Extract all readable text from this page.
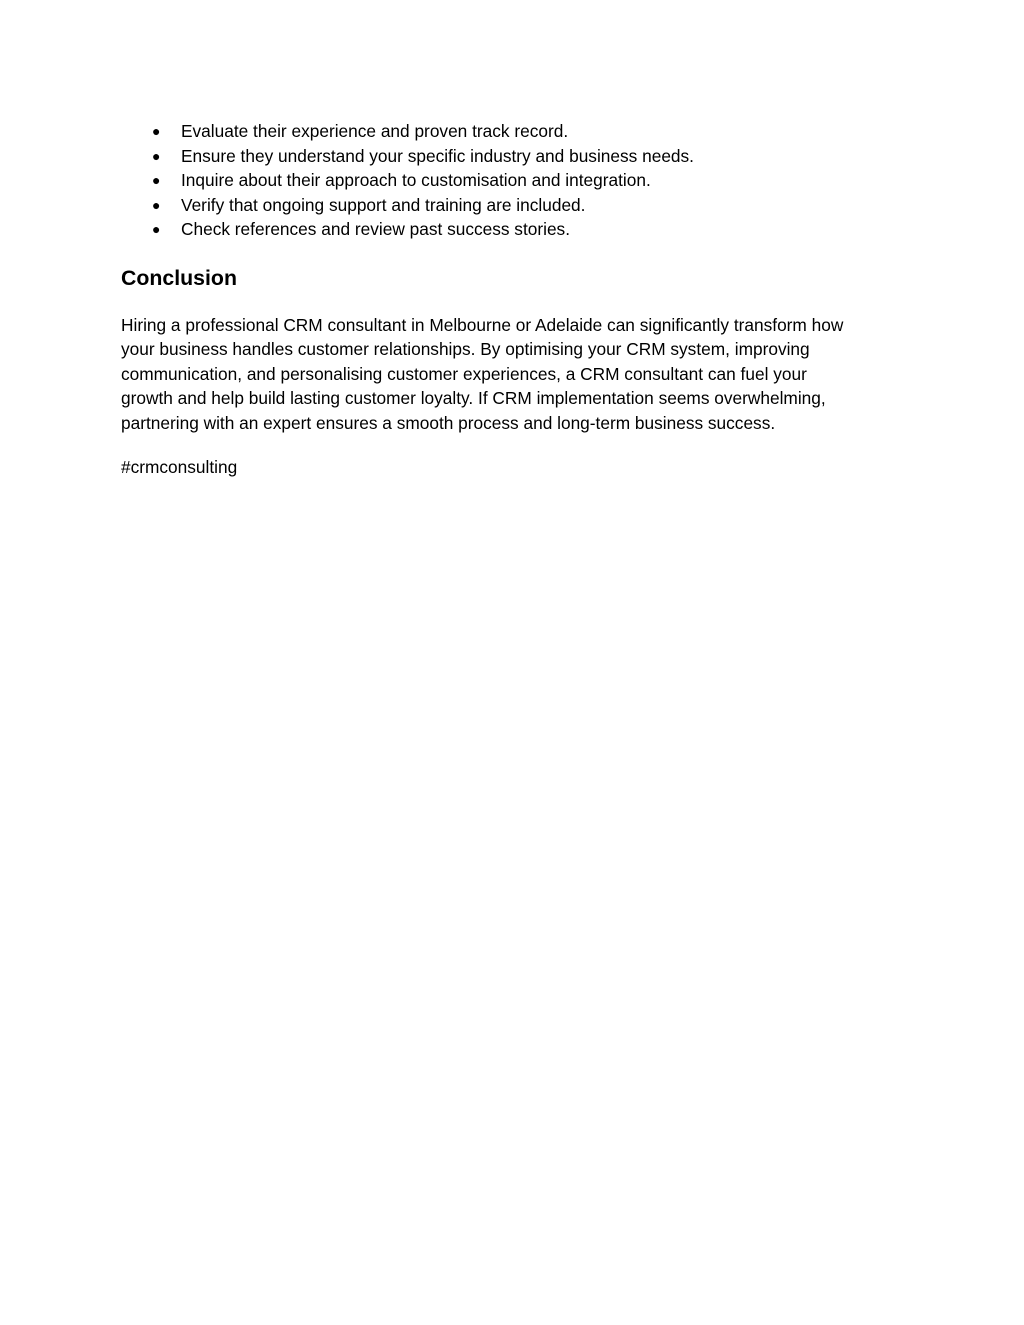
● Evaluate their experience and proven track record.
● Ensure they understand your specific industry and business needs.
● Inquire about their approach to customisation and integration.
● Verify that ongoing support and training are included.
● Check references and review past success stories.
Conclusion

Hiring a professional CRM consultant in Melbourne or Adelaide can significantly transform how
your business handles customer relationships. By optimising your CRM system, improving
communication, and personalising customer experiences, a CRM consultant can fuel your
growth and help build lasting customer loyalty. If CRM implementation seems overwhelming,
partnering with an expert ensures a smooth process and long-term business success.

#crmconsulting
